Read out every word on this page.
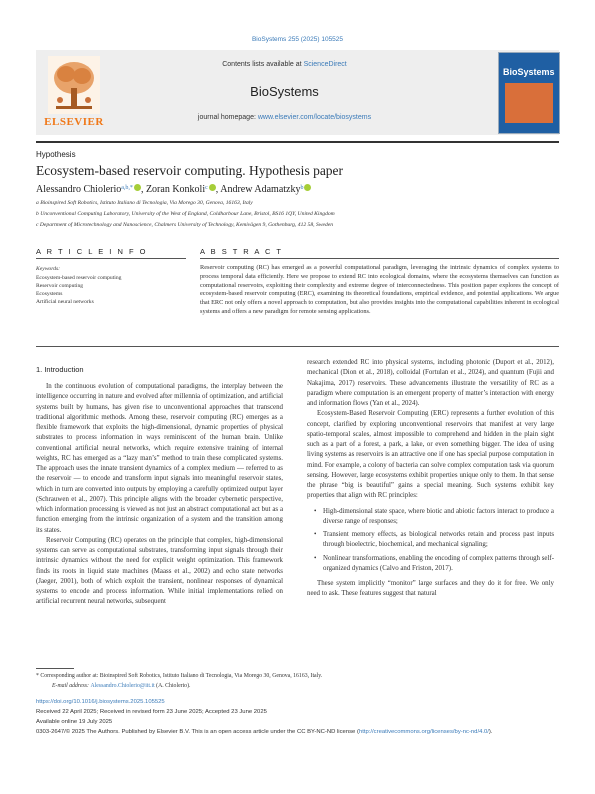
BioSystems 255 (2025) 105525
ELSEVIER
Contents lists available at ScienceDirect
BioSystems
journal homepage: www.elsevier.com/locate/biosystems
BioSystems
Hypothesis
Ecosystem-based reservoir computing. Hypothesis paper
Alessandro Chiolerio$^{a,b,*}$ , Zoran Konkoli$^c$ , Andrew Adamatzky$^b$
a Bioinspired Soft Robotics, Istituto Italiano di Tecnologia, Via Morego 30, Genova, 16163, Italy
b Unconventional Computing Laboratory, University of the West of England, Coldharbour Lane, Bristol, BS16 1QY, United Kingdom
c Department of Microtechnology and Nanoscience, Chalmers University of Technology, Kemivägen 9, Gothenburg, 412 58, Sweden
A R T I C L E I N F O	A B S T R A C T
Keywords:
Ecosystem-based reservoir computing
Reservoir computing
Ecosystems
Artificial neural networks
Reservoir computing (RC) has emerged as a powerful computational paradigm, leveraging the intrinsic dynamics of complex systems to process temporal data efficiently. Here we propose to extend RC into ecological domains, where the ecosystems themselves can function as computational reservoirs, exploiting their complexity and extreme degree of interconnectedness. This position paper explores the concept of ecosystem-based reservoir computing (ERC), examining its theoretical foundations, empirical evidence, and potential applications. We argue that ERC not only offers a novel approach to computation, but also provides insights into the computational capabilities inherent in ecological systems and offers a new paradigm for remote sensing applications.
1. Introduction

In the continuous evolution of computational paradigms, the interplay between the intelligence occurring in nature and evolved after millennia of optimization, and artificial systems built by humans, has given rise to unconventional approaches that transcend traditional algorithmic methods. Among these, reservoir computing (RC) emerges as a flexible framework that exploits the high-dimensional, dynamic properties of physical substrates to process information in ways reminiscent of the human brain. Unlike conventional artificial neural networks, which require extensive training of internal weights, RC has emerged as a “lazy man’s” method to train these complicated systems. The approach uses the innate transient dynamics of a complex medium — referred to as the reservoir — to encode and transform input signals into meaningful reservoir states, which in turn are converted into outputs by employing a carefully optimized output layer (Schrauwen et al., 2007). This principle aligns with the broader cybernetic perspective, which information processing is viewed as not just an abstract computational act but as a function emerging from the intrinsic organization of a system and the transition among its states.

Reservoir Computing (RC) operates on the principle that complex, high-dimensional systems can serve as computational substrates, transforming input signals through their intrinsic dynamics without the need for explicit weight optimization. This framework finds its roots in liquid state machines (Maass et al., 2002) and echo state networks (Jaeger, 2001), both of which exploit the transient, nonlinear responses of dynamical systems to encode and process information. While initial implementations relied on artificial recurrent neural networks, subsequent

research extended RC into physical systems, including photonic (Duport et al., 2012), mechanical (Dion et al., 2018), colloidal (Fortulan et al., 2024), and quantum (Fujii and Nakajima, 2017) reservoirs. These advancements illustrate the versatility of RC as a paradigm where computation is an emergent property of matter’s interaction with energy and information flows (Yan et al., 2024).

Ecosystem-Based Reservoir Computing (ERC) represents a further evolution of this concept, clarified by exploring unconventional reservoirs that manifest at very large spatio-temporal scales, almost impossible to comprehend and hidden in the plain sight such as a part of a forest, a park, a lake, or even something bigger. The idea of using living systems as reservoirs is an attractive one if one has special purpose computation in mind. For example, a colony of bacteria can solve complex computation task via quorum sensing. However, large ecosystems exhibit properties unique only to them. In that sense the phrase “big is beautiful” gains a special meaning. Such systems exhibit key properties that align with RC principles:

• High-dimensional state space, where biotic and abiotic factors interact to produce a diverse range of responses;
• Transient memory effects, as biological networks retain and process past inputs through bioelectric, biochemical, and mechanical signaling;
• Nonlinear transformations, enabling the encoding of complex patterns through self-organized dynamics (Calvo and Friston, 2017).

These system implicitly “monitor” large surfaces and they do it for free. We only need to ask. These features suggest that natural

* Corresponding author at: Bioinspired Soft Robotics, Istituto Italiano di Tecnologia, Via Morego 30, Genova, 16163, Italy.
E-mail address: Alessandro.Chiolerio@iit.it (A. Chiolerio).
https://doi.org/10.1016/j.biosystems.2025.105525
Received 22 April 2025; Received in revised form 23 June 2025; Accepted 23 June 2025
Available online 19 July 2025
0303-2647/© 2025 The Authors. Published by Elsevier B.V. This is an open access article under the CC BY-NC-ND license (http://creativecommons.org/licenses/by-nc-nd/4.0/).
